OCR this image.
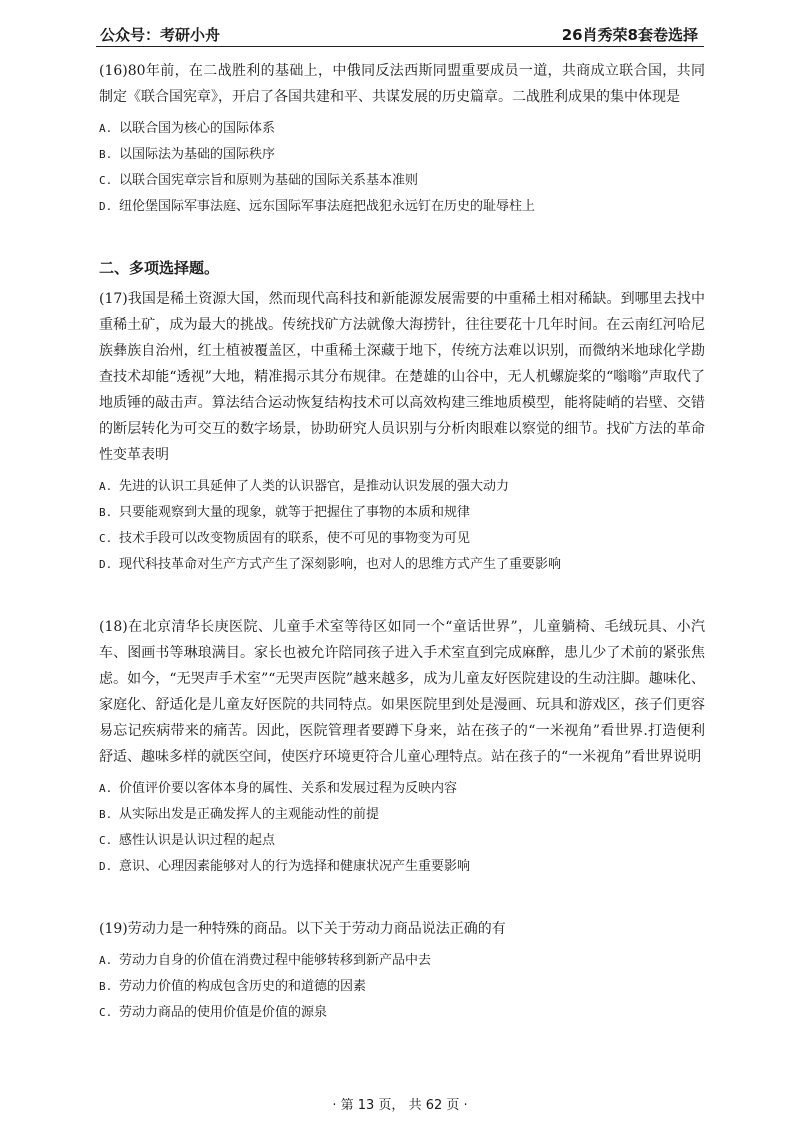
公众号：考研小舟	26肖秀荣8套卷选择

(16)80年前，在二战胜利的基础上，中俄同反法西斯同盟重要成员一道，共商成立联合国，共同制定《联合国宪章》，开启了各国共建和平、共谋发展的历史篇章。二战胜利成果的集中体现是

A. 以联合国为核心的国际体系
B. 以国际法为基础的国际秩序
C. 以联合国宪章宗旨和原则为基础的国际关系基本准则
D. 纽伦堡国际军事法庭、远东国际军事法庭把战犯永远钉在历史的耻辱柱上
二、多项选择题。

(17)我国是稀土资源大国，然而现代高科技和新能源发展需要的中重稀土相对稀缺。到哪里去找中重稀土矿，成为最大的挑战。传统找矿方法就像大海捞针，往往要花十几年时间。在云南红河哈尼族彝族自治州，红土植被覆盖区，中重稀土深藏于地下，传统方法难以识别，而微纳米地球化学勘查技术却能“透视”大地，精准揭示其分布规律。在楚雄的山谷中，无人机螺旋桨的“嗡嗡”声取代了地质锤的敲击声。算法结合运动恢复结构技术可以高效构建三维地质模型，能将陡峭的岩壁、交错的断层转化为可交互的数字场景，协助研究人员识别与分析肉眼难以察觉的细节。找矿方法的革命性变革表明

A. 先进的认识工具延伸了人类的认识器官，是推动认识发展的强大动力
B. 只要能观察到大量的现象，就等于把握住了事物的本质和规律
C. 技术手段可以改变物质固有的联系，使不可见的事物变为可见
D. 现代科技革命对生产方式产生了深刻影响，也对人的思维方式产生了重要影响

(18)在北京清华长庚医院、儿童手术室等待区如同一个“童话世界”，儿童躺椅、毛绒玩具、小汽车、图画书等琳琅满目。家长也被允许陪同孩子进入手术室直到完成麻醉，患儿少了术前的紧张焦虑。如今，“无哭声手术室”“无哭声医院”越来越多，成为儿童友好医院建设的生动注脚。趣味化、家庭化、舒适化是儿童友好医院的共同特点。如果医院里到处是漫画、玩具和游戏区，孩子们更容易忘记疾病带来的痛苦。因此，医院管理者要蹲下身来，站在孩子的“一米视角”看世界.打造便利舒适、趣味多样的就医空间，使医疗环境更符合儿童心理特点。站在孩子的“一米视角”看世界说明

A. 价值评价要以客体本身的属性、关系和发展过程为反映内容
B. 从实际出发是正确发挥人的主观能动性的前提
C. 感性认识是认识过程的起点
D. 意识、心理因素能够对人的行为选择和健康状况产生重要影响

(19)劳动力是一种特殊的商品。以下关于劳动力商品说法正确的有

A. 劳动力自身的价值在消费过程中能够转移到新产品中去
B. 劳动力价值的构成包含历史的和道德的因素
C. 劳动力商品的使用价值是价值的源泉
· 第 13 页， 共 62 页 ·
